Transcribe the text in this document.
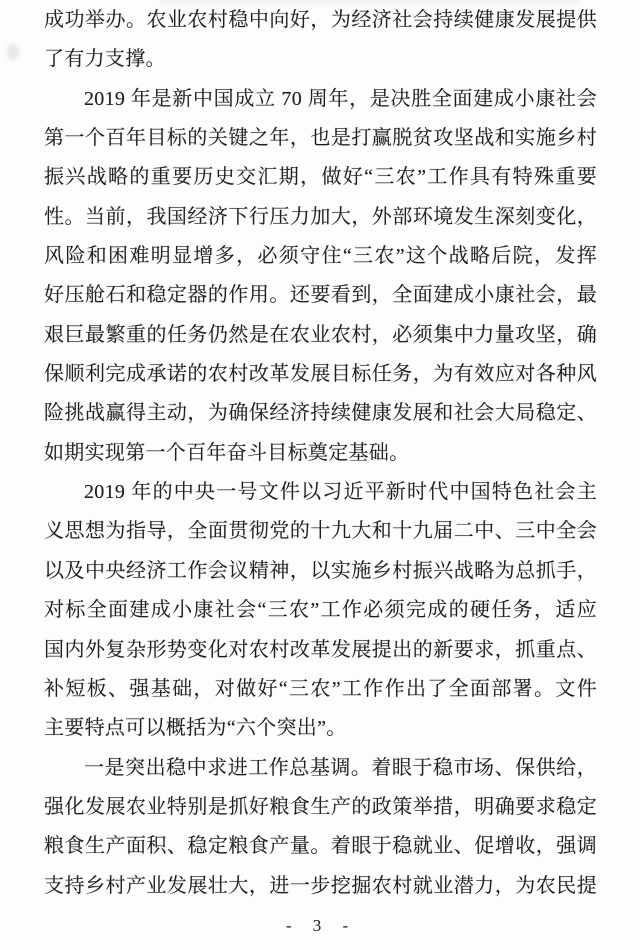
成功举办。农业农村稳中向好，为经济社会持续健康发展提供
了有力支撑。
2019 年是新中国成立 70 周年，是决胜全面建成小康社会
第一个百年目标的关键之年，也是打赢脱贫攻坚战和实施乡村
振兴战略的重要历史交汇期，做好“三农”工作具有特殊重要
性。当前，我国经济下行压力加大，外部环境发生深刻变化，
风险和困难明显增多，必须守住“三农”这个战略后院，发挥
好压舱石和稳定器的作用。还要看到，全面建成小康社会，最
艰巨最繁重的任务仍然是在农业农村，必须集中力量攻坚，确
保顺利完成承诺的农村改革发展目标任务，为有效应对各种风
险挑战赢得主动，为确保经济持续健康发展和社会大局稳定、
如期实现第一个百年奋斗目标奠定基础。
2019 年的中央一号文件以习近平新时代中国特色社会主
义思想为指导，全面贯彻党的十九大和十九届二中、三中全会
以及中央经济工作会议精神，以实施乡村振兴战略为总抓手，
对标全面建成小康社会“三农”工作必须完成的硬任务，适应
国内外复杂形势变化对农村改革发展提出的新要求，抓重点、
补短板、强基础，对做好“三农”工作作出了全面部署。文件
主要特点可以概括为“六个突出”。
一是突出稳中求进工作总基调。着眼于稳市场、保供给，
强化发展农业特别是抓好粮食生产的政策举措，明确要求稳定
粮食生产面积、稳定粮食产量。着眼于稳就业、促增收，强调
支持乡村产业发展壮大，进一步挖掘农村就业潜力，为农民提
- 3 -
